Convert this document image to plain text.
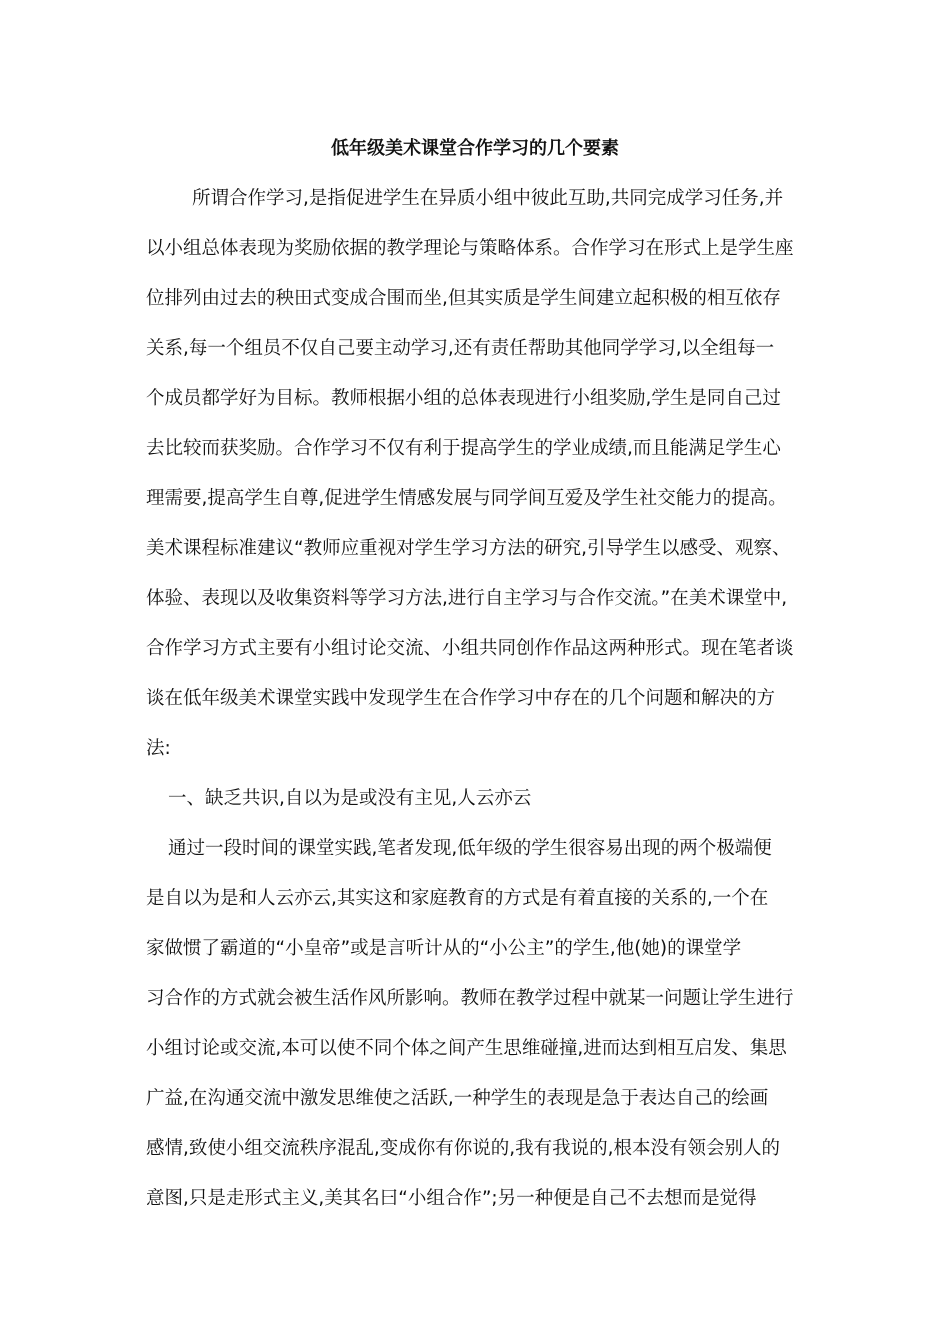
低年级美术课堂合作学习的几个要素

所谓合作学习,是指促进学生在异质小组中彼此互助,共同完成学习任务,并

以小组总体表现为奖励依据的教学理论与策略体系。合作学习在形式上是学生座

位排列由过去的秧田式变成合围而坐,但其实质是学生间建立起积极的相互依存

关系,每一个组员不仅自己要主动学习,还有责任帮助其他同学学习,以全组每一

个成员都学好为目标。教师根据小组的总体表现进行小组奖励,学生是同自己过

去比较而获奖励。合作学习不仅有利于提高学生的学业成绩,而且能满足学生心

理需要,提高学生自尊,促进学生情感发展与同学间互爱及学生社交能力的提高。

美术课程标准建议“教师应重视对学生学习方法的研究,引导学生以感受、观察、

体验、表现以及收集资料等学习方法,进行自主学习与合作交流。”在美术课堂中,

合作学习方式主要有小组讨论交流、小组共同创作作品这两种形式。现在笔者谈

谈在低年级美术课堂实践中发现学生在合作学习中存在的几个问题和解决的方

法:

一、缺乏共识,自以为是或没有主见,人云亦云

通过一段时间的课堂实践,笔者发现,低年级的学生很容易出现的两个极端便

是自以为是和人云亦云,其实这和家庭教育的方式是有着直接的关系的,一个在

家做惯了霸道的“小皇帝”或是言听计从的“小公主”的学生,他(她)的课堂学

习合作的方式就会被生活作风所影响。教师在教学过程中就某一问题让学生进行

小组讨论或交流,本可以使不同个体之间产生思维碰撞,进而达到相互启发、集思

广益,在沟通交流中激发思维使之活跃,一种学生的表现是急于表达自己的绘画

感情,致使小组交流秩序混乱,变成你有你说的,我有我说的,根本没有领会别人的

意图,只是走形式主义,美其名曰“小组合作”;另一种便是自己不去想而是觉得
